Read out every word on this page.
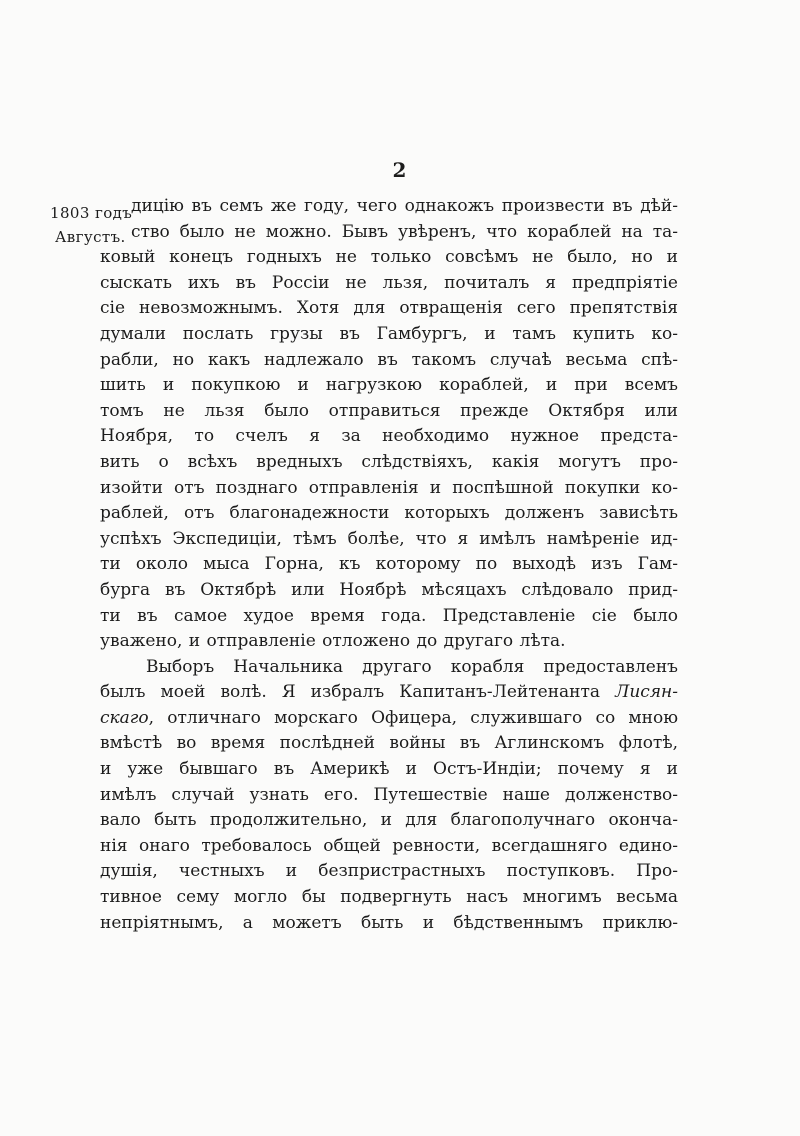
2
1803 годъ
Августъ.
дицію въ семъ же году, чего однакожъ произвести въ дѣй-
ство было не можно. Бывъ увѣренъ, что кораблей на та-
ковый конецъ годныхъ не только совсѣмъ не было, но и
сыскать ихъ въ Россіи не льзя, почиталъ я предпріятіе
сіе невозможнымъ. Хотя для отвращенія сего препятствія
думали послать грузы въ Гамбургъ, и тамъ купить ко-
рабли, но какъ надлежало въ такомъ случаѣ весьма спѣ-
шить и покупкою и нагрузкою кораблей, и при всемъ
томъ не льзя было отправиться прежде Октября или
Ноября, то счелъ я за необходимо нужное предста-
вить о всѣхъ вредныхъ слѣдствіяхъ, какія могутъ про-
изойти отъ позднаго отправленія и поспѣшной покупки ко-
раблей, отъ благонадежности которыхъ долженъ зависѣть
успѣхъ Экспедиціи, тѣмъ болѣе, что я имѣлъ намѣреніе ид-
ти около мыса Горна, къ которому по выходѣ изъ Гам-
бурга въ Октябрѣ или Ноябрѣ мѣсяцахъ слѣдовало прид-
ти въ самое худое время года. Представленіе сіе было
уважено, и отправленіе отложено до другаго лѣта.
Выборъ Начальника другаго корабля предоставленъ
былъ моей волѣ. Я избралъ Капитанъ-Лейтенанта Лисян-
скаго, отличнаго морскаго Офицера, служившаго со мною
вмѣстѣ во время послѣдней войны въ Аглинскомъ флотѣ,
и уже бывшаго въ Америкѣ и Остъ-Индіи; почему я и
имѣлъ случай узнать его. Путешествіе наше долженство-
вало быть продолжительно, и для благополучнаго оконча-
нія онаго требовалось общей ревности, всегдашняго едино-
душія, честныхъ и безпристрастныхъ поступковъ. Про-
тивное сему могло бы подвергнуть насъ многимъ весьма
непріятнымъ, а можетъ быть и бѣдственнымъ приклю-
